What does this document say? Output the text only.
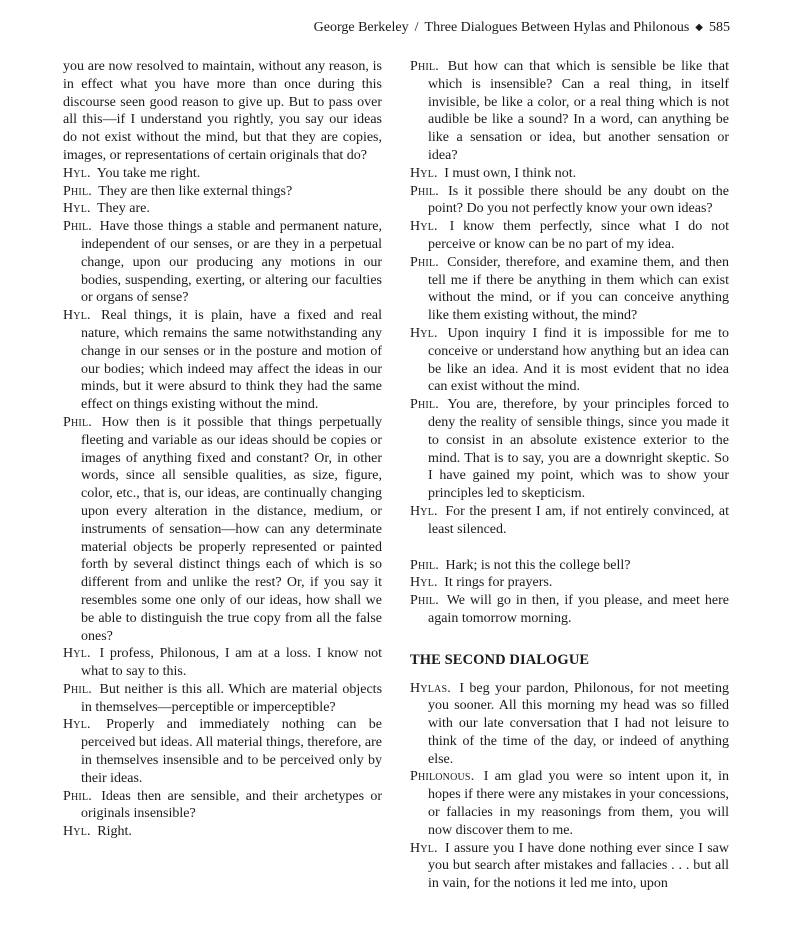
George Berkeley / Three Dialogues Between Hylas and Philonous ◆ 585

you are now resolved to maintain, without any reason, is in effect what you have more than once during this discourse seen good reason to give up. But to pass over all this—if I understand you rightly, you say our ideas do not exist without the mind, but that they are copies, images, or representations of certain originals that do?

Hyl. You take me right.

Phil. They are then like external things?

Hyl. They are.

Phil. Have those things a stable and permanent nature, independent of our senses, or are they in a perpetual change, upon our producing any motions in our bodies, suspending, exerting, or altering our faculties or organs of sense?

Hyl. Real things, it is plain, have a fixed and real nature, which remains the same notwithstanding any change in our senses or in the posture and motion of our bodies; which indeed may affect the ideas in our minds, but it were absurd to think they had the same effect on things existing without the mind.

Phil. How then is it possible that things perpetually fleeting and variable as our ideas should be copies or images of anything fixed and constant? Or, in other words, since all sensible qualities, as size, figure, color, etc., that is, our ideas, are continually changing upon every alteration in the distance, medium, or instruments of sensation—how can any determinate material objects be properly represented or painted forth by several distinct things each of which is so different from and unlike the rest? Or, if you say it resembles some one only of our ideas, how shall we be able to distinguish the true copy from all the false ones?

Hyl. I profess, Philonous, I am at a loss. I know not what to say to this.

Phil. But neither is this all. Which are material objects in themselves—perceptible or imperceptible?

Hyl. Properly and immediately nothing can be perceived but ideas. All material things, therefore, are in themselves insensible and to be perceived only by their ideas.

Phil. Ideas then are sensible, and their archetypes or originals insensible?

Hyl. Right.

Phil. But how can that which is sensible be like that which is insensible? Can a real thing, in itself invisible, be like a color, or a real thing which is not audible be like a sound? In a word, can anything be like a sensation or idea, but another sensation or idea?

Hyl. I must own, I think not.

Phil. Is it possible there should be any doubt on the point? Do you not perfectly know your own ideas?

Hyl. I know them perfectly, since what I do not perceive or know can be no part of my idea.

Phil. Consider, therefore, and examine them, and then tell me if there be anything in them which can exist without the mind, or if you can conceive anything like them existing without, the mind?

Hyl. Upon inquiry I find it is impossible for me to conceive or understand how anything but an idea can be like an idea. And it is most evident that no idea can exist without the mind.

Phil. You are, therefore, by your principles forced to deny the reality of sensible things, since you made it to consist in an absolute existence exterior to the mind. That is to say, you are a downright skeptic. So I have gained my point, which was to show your principles led to skepticism.

Hyl. For the present I am, if not entirely convinced, at least silenced.

Phil. Hark; is not this the college bell?

Hyl. It rings for prayers.

Phil. We will go in then, if you please, and meet here again tomorrow morning.

THE SECOND DIALOGUE

Hylas. I beg your pardon, Philonous, for not meeting you sooner. All this morning my head was so filled with our late conversation that I had not leisure to think of the time of the day, or indeed of anything else.

Philonous. I am glad you were so intent upon it, in hopes if there were any mistakes in your concessions, or fallacies in my reasonings from them, you will now discover them to me.

Hyl. I assure you I have done nothing ever since I saw you but search after mistakes and fallacies . . . but all in vain, for the notions it led me into, upon
